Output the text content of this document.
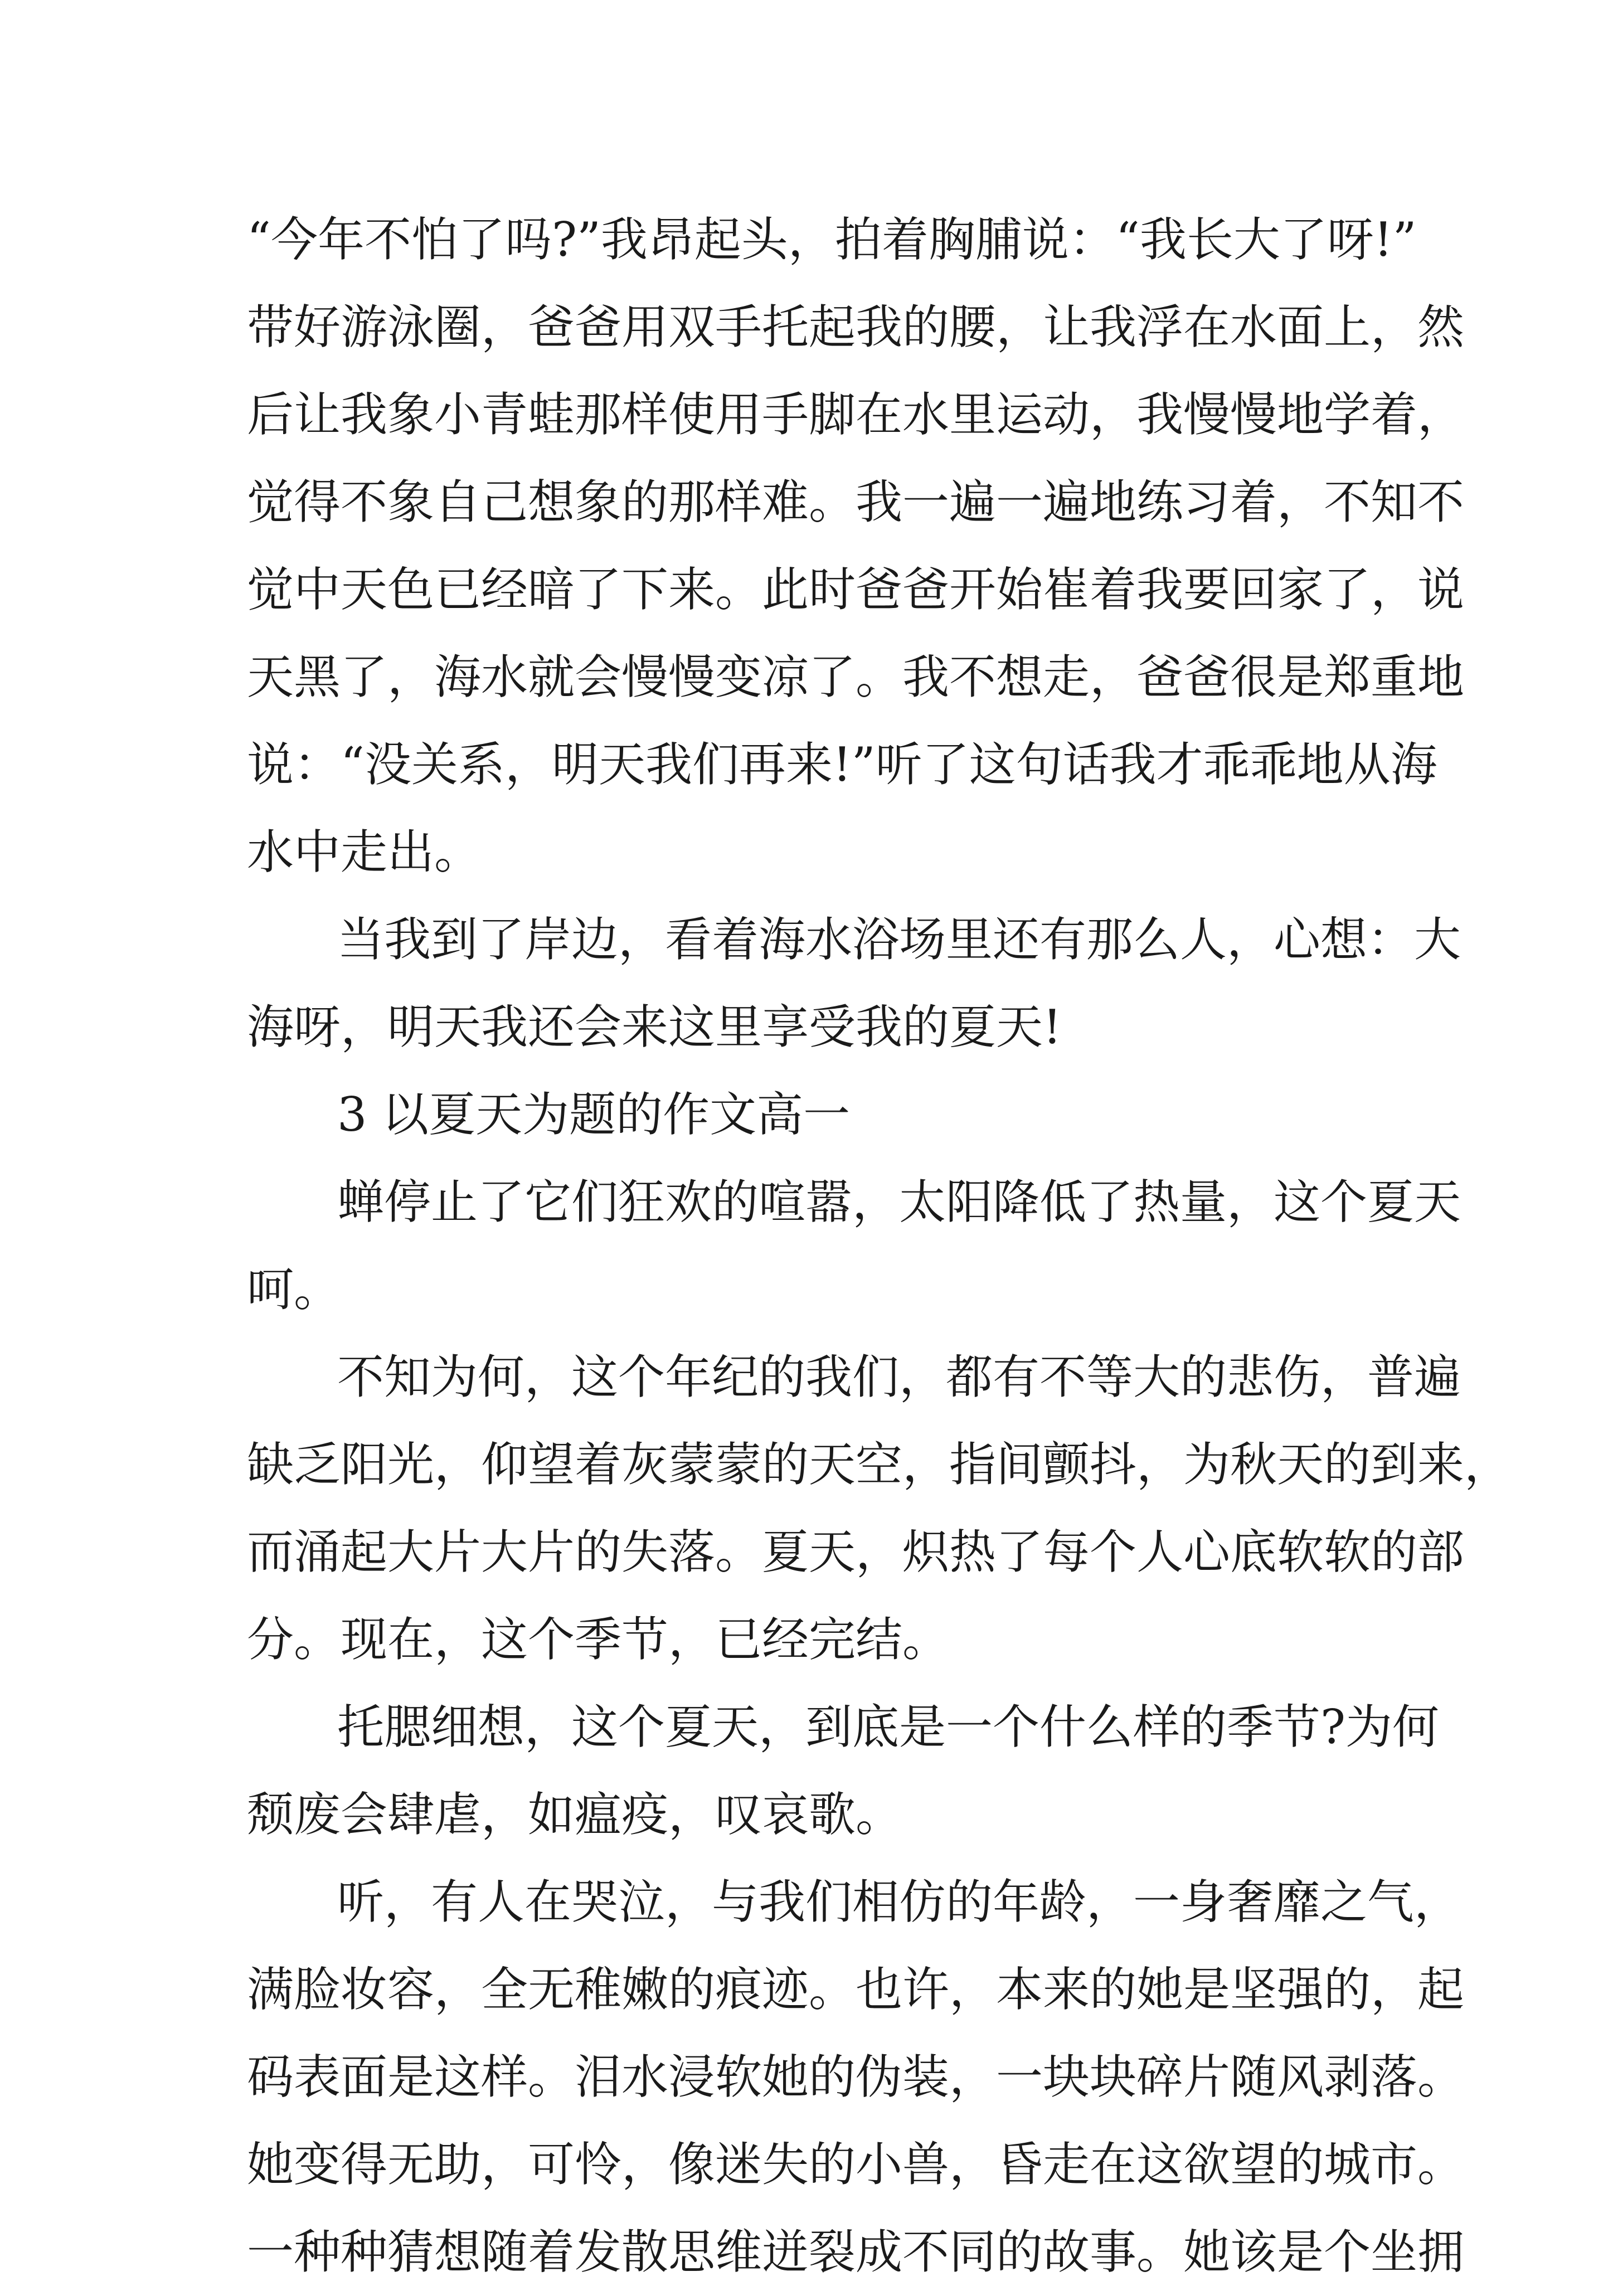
“今年不怕了吗?”我昂起头，拍着胸脯说：“我长大了呀!”
带好游泳圈，爸爸用双手托起我的腰，让我浮在水面上，然
后让我象小青蛙那样使用手脚在水里运动，我慢慢地学着，
觉得不象自己想象的那样难。我一遍一遍地练习着，不知不
觉中天色已经暗了下来。此时爸爸开始崔着我要回家了，说
天黑了，海水就会慢慢变凉了。我不想走，爸爸很是郑重地
说：“没关系，明天我们再来!”听了这句话我才乖乖地从海
水中走出。
当我到了岸边，看着海水浴场里还有那么人，心想：大
海呀，明天我还会来这里享受我的夏天!
3 以夏天为题的作文高一
蝉停止了它们狂欢的喧嚣，太阳降低了热量，这个夏天
呵。
不知为何，这个年纪的我们，都有不等大的悲伤，普遍
缺乏阳光，仰望着灰蒙蒙的天空，指间颤抖，为秋天的到来，
而涌起大片大片的失落。夏天，炽热了每个人心底软软的部
分。现在，这个季节，已经完结。
托腮细想，这个夏天，到底是一个什么样的季节?为何
颓废会肆虐，如瘟疫，叹哀歌。
听，有人在哭泣，与我们相仿的年龄，一身奢靡之气，
满脸妆容，全无稚嫩的痕迹。也许，本来的她是坚强的，起
码表面是这样。泪水浸软她的伪装，一块块碎片随风剥落。
她变得无助，可怜，像迷失的小兽，昏走在这欲望的城市。
一种种猜想随着发散思维迸裂成不同的故事。她该是个坐拥
